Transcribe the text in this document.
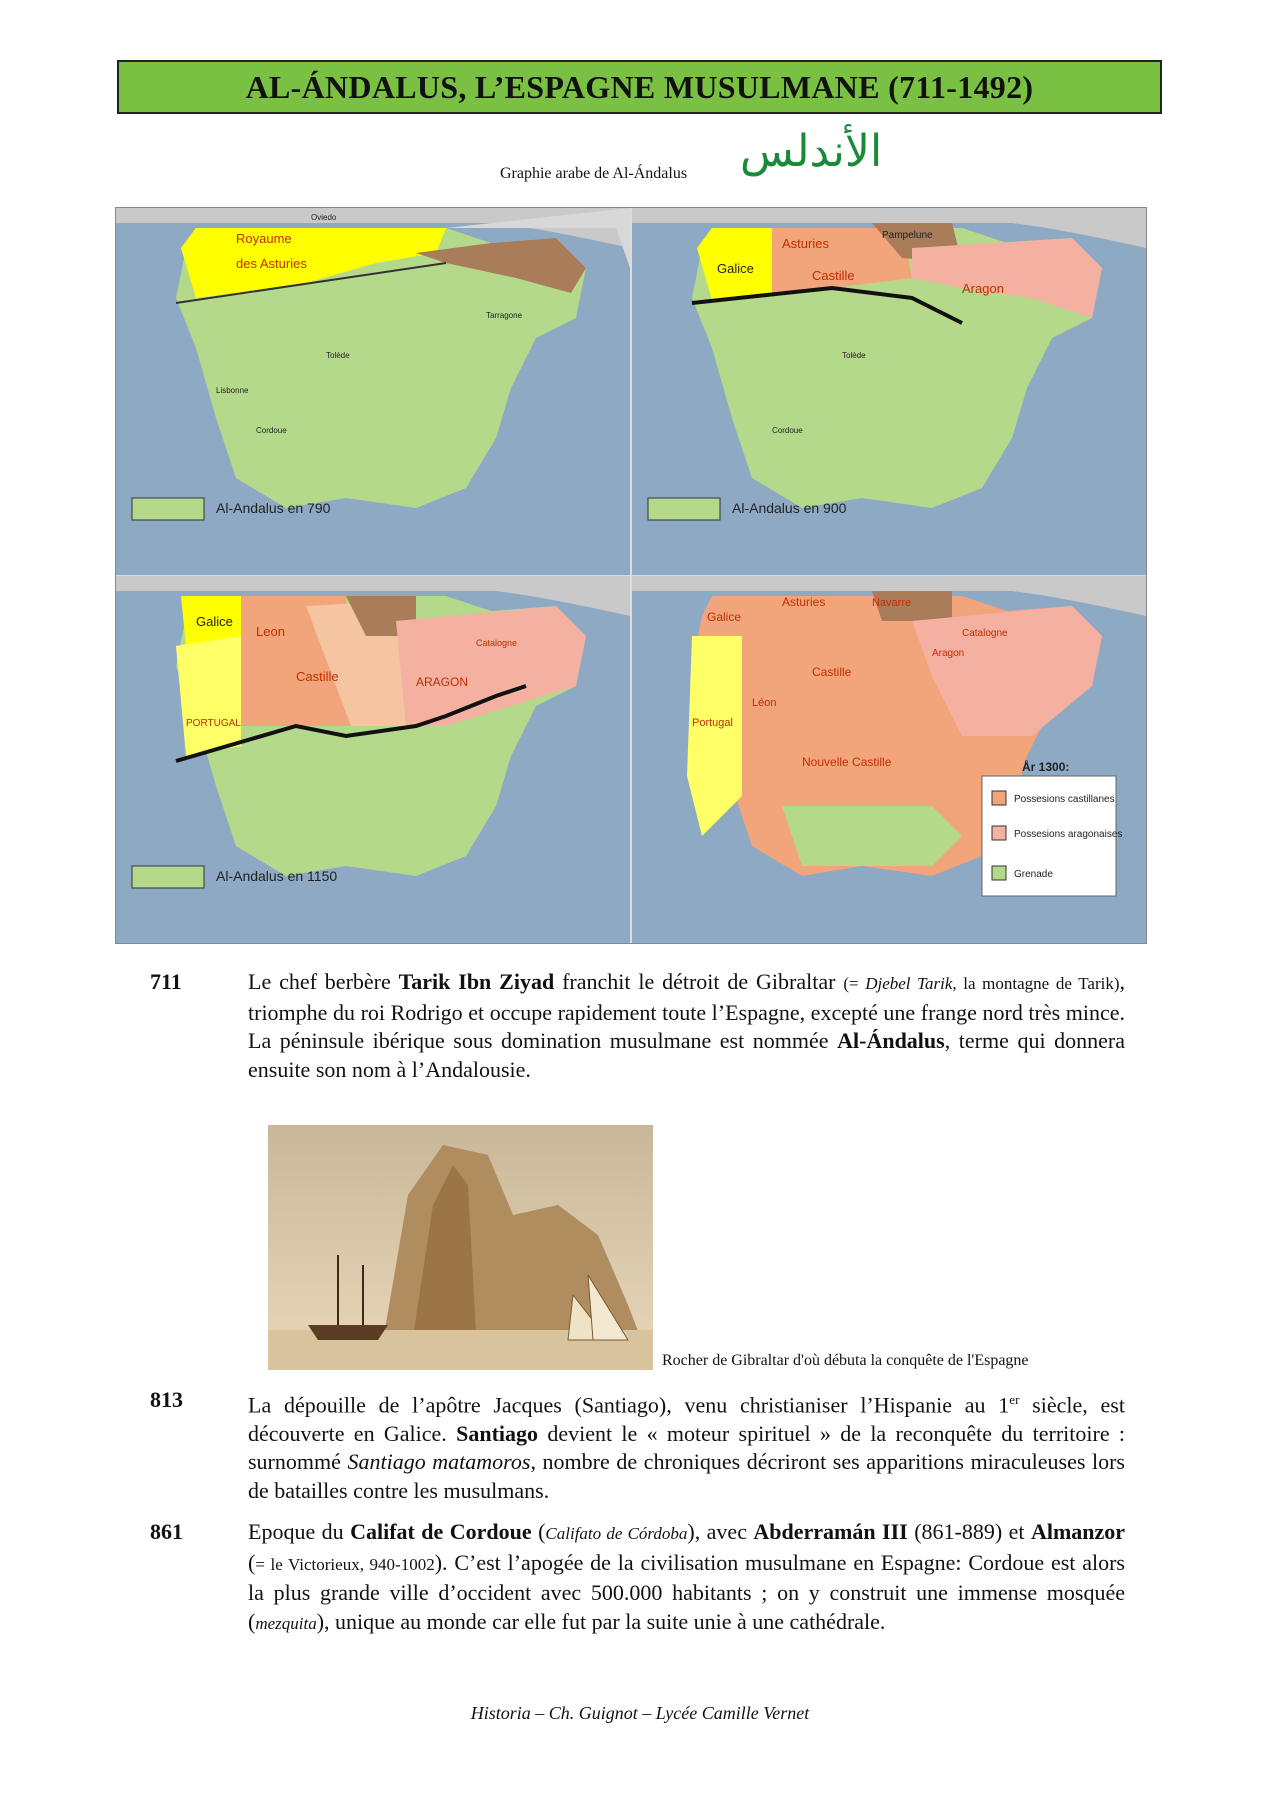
AL-ÁNDALUS, L’ESPAGNE MUSULMANE (711-1492)
Graphie arabe de Al-Ándalus الأندلس
Al-Andalus en 790
Royaume
des Asturies
Oviedo
Tolède
Cordoue
Lisbonne
Tarragone
Al-Andalus en 900
Galice
Asturies
Castille
Pampelune
Aragon
Tolède
Cordoue
Al-Andalus en 1150
Galice
Leon
Castille	ARAGON
PORTUGAL
Catalogne
År 1300:
Possesions castillanes
Possesions aragonaises
Grenade
Galice
Asturies	Navarre
Castille
Aragon
Catalogne
Léon
Portugal
Nouvelle Castille
711	Le chef berbère Tarik Ibn Ziyad franchit le détroit de Gibraltar (= Djebel Tarik, la montagne de Tarik), triomphe du roi Rodrigo et occupe rapidement toute l’Espagne, excepté une frange nord très mince. La péninsule ibérique sous domination musulmane est nommée Al-Ándalus, terme qui donnera ensuite son nom à l’Andalousie.
Rocher de Gibraltar d'où débuta la conquête de l'Espagne
813	La dépouille de l’apôtre Jacques (Santiago), venu christianiser l’Hispanie au 1er siècle, est découverte en Galice. Santiago devient le « moteur spirituel » de la reconquête du territoire : surnommé Santiago matamoros, nombre de chroniques décriront ses apparitions miraculeuses lors de batailles contre les musulmans.
861	Epoque du Califat de Cordoue (Califato de Córdoba), avec Abderramán III (861-889) et Almanzor (= le Victorieux, 940-1002). C’est l’apogée de la civilisation musulmane en Espagne: Cordoue est alors la plus grande ville d’occident avec 500.000 habitants ; on y construit une immense mosquée (mezquita), unique au monde car elle fut par la suite unie à une cathédrale.
Historia – Ch. Guignot – Lycée Camille Vernet
